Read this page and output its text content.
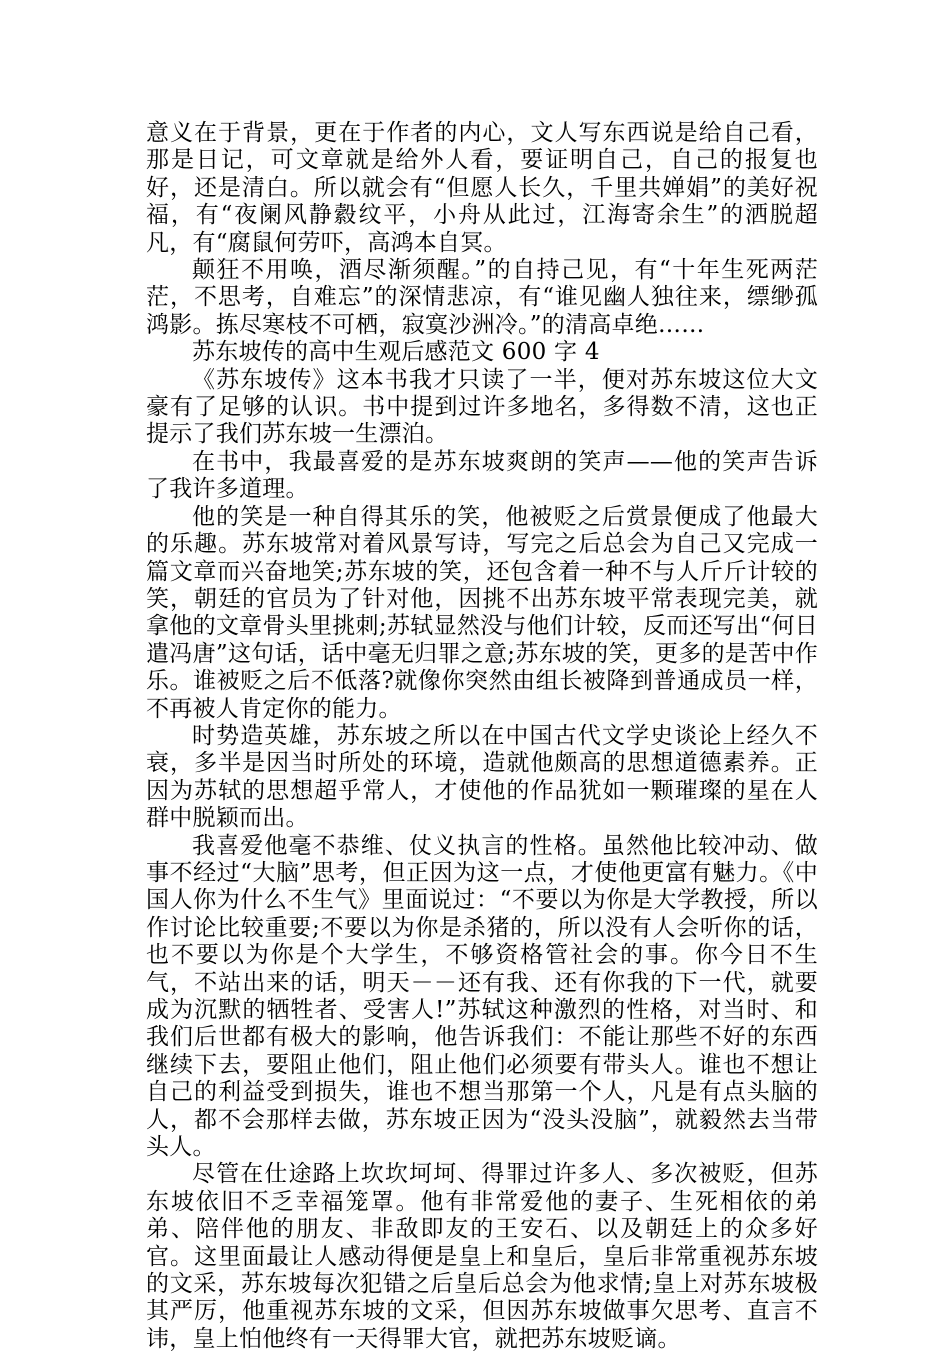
意义在于背景，更在于作者的内心，文人写东西说是给自己看，那是日记，可文章就是给外人看，要证明自己，自己的报复也好，还是清白。所以就会有“但愿人长久，千里共婵娟”的美好祝福，有“夜阑风静縠纹平，小舟从此过，江海寄余生”的洒脱超凡，有“腐鼠何劳吓，高鸿本自冥。

颠狂不用唤，酒尽渐须醒。”的自持己见，有“十年生死两茫茫，不思考，自难忘”的深情悲凉，有“谁见幽人独往来，缥缈孤鸿影。拣尽寒枝不可栖，寂寞沙洲冷。”的清高卓绝……

苏东坡传的高中生观后感范文 600 字 4

《苏东坡传》这本书我才只读了一半，便对苏东坡这位大文豪有了足够的认识。书中提到过许多地名，多得数不清，这也正提示了我们苏东坡一生漂泊。

在书中，我最喜爱的是苏东坡爽朗的笑声——他的笑声告诉了我许多道理。

他的笑是一种自得其乐的笑，他被贬之后赏景便成了他最大的乐趣。苏东坡常对着风景写诗，写完之后总会为自己又完成一篇文章而兴奋地笑;苏东坡的笑，还包含着一种不与人斤斤计较的笑，朝廷的官员为了针对他，因挑不出苏东坡平常表现完美，就拿他的文章骨头里挑刺;苏轼显然没与他们计较，反而还写出“何日遣冯唐”这句话，话中毫无归罪之意;苏东坡的笑，更多的是苦中作乐。谁被贬之后不低落?就像你突然由组长被降到普通成员一样，不再被人肯定你的能力。

时势造英雄，苏东坡之所以在中国古代文学史谈论上经久不衰，多半是因当时所处的环境，造就他颇高的思想道德素养。正因为苏轼的思想超乎常人，才使他的作品犹如一颗璀璨的星在人群中脱颖而出。

我喜爱他毫不恭维、仗义执言的性格。虽然他比较冲动、做事不经过“大脑”思考，但正因为这一点，才使他更富有魅力。《中国人你为什么不生气》里面说过：“不要以为你是大学教授，所以作讨论比较重要;不要以为你是杀猪的，所以没有人会听你的话，也不要以为你是个大学生，不够资格管社会的事。你今日不生气，不站出来的话，明天－－还有我、还有你我的下一代，就要成为沉默的牺牲者、受害人!”苏轼这种激烈的性格，对当时、和我们后世都有极大的影响，他告诉我们：不能让那些不好的东西继续下去，要阻止他们，阻止他们必须要有带头人。谁也不想让自己的利益受到损失，谁也不想当那第一个人，凡是有点头脑的人，都不会那样去做，苏东坡正因为“没头没脑”，就毅然去当带头人。

尽管在仕途路上坎坎坷坷、得罪过许多人、多次被贬，但苏东坡依旧不乏幸福笼罩。他有非常爱他的妻子、生死相依的弟弟、陪伴他的朋友、非敌即友的王安石、以及朝廷上的众多好官。这里面最让人感动得便是皇上和皇后，皇后非常重视苏东坡的文采，苏东坡每次犯错之后皇后总会为他求情;皇上对苏东坡极其严厉，他重视苏东坡的文采，但因苏东坡做事欠思考、直言不讳，皇上怕他终有一天得罪大官，就把苏东坡贬谪。
